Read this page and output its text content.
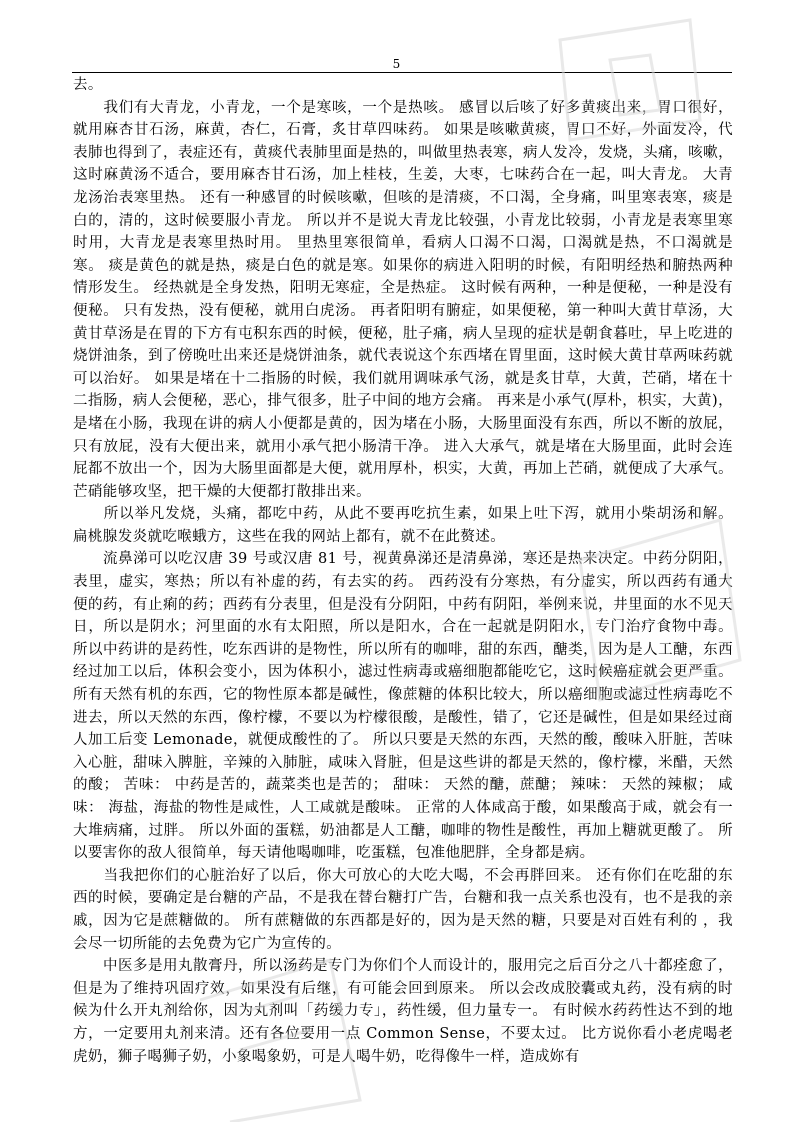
5

去。

　　我们有大青龙，小青龙，一个是寒咳，一个是热咳。 感冒以后咳了好多黄痰出来，胃口很好，就用麻杏甘石汤，麻黄，杏仁，石膏，炙甘草四味药。 如果是咳嗽黄痰，胃口不好，外面发冷，代表肺也得到了，表症还有，黄痰代表肺里面是热的，叫做里热表寒，病人发冷，发烧，头痛，咳嗽，这时麻黄汤不适合，要用麻杏甘石汤，加上桂枝，生姜，大枣，七味药合在一起，叫大青龙。 大青龙汤治表寒里热。 还有一种感冒的时候咳嗽，但咳的是清痰，不口渴，全身痛，叫里寒表寒，痰是白的，清的，这时候要服小青龙。 所以并不是说大青龙比较强，小青龙比较弱，小青龙是表寒里寒时用，大青龙是表寒里热时用。 里热里寒很简单，看病人口渴不口渴，口渴就是热，不口渴就是寒。 痰是黄色的就是热，痰是白色的就是寒。如果你的病进入阳明的时候，有阳明经热和腑热两种情形发生。 经热就是全身发热，阳明无寒症，全是热症。 这时候有两种，一种是便秘，一种是没有便秘。 只有发热，没有便秘，就用白虎汤。 再者阳明有腑症，如果便秘，第一种叫大黄甘草汤，大黄甘草汤是在胃的下方有屯积东西的时候，便秘，肚子痛，病人呈现的症状是朝食暮吐，早上吃进的烧饼油条，到了傍晚吐出来还是烧饼油条，就代表说这个东西堵在胃里面，这时候大黄甘草两味药就可以治好。 如果是堵在十二指肠的时候，我们就用调味承气汤，就是炙甘草，大黄，芒硝，堵在十二指肠，病人会便秘，恶心，排气很多，肚子中间的地方会痛。 再来是小承气(厚朴，枳实，大黄)，是堵在小肠，我现在讲的病人小便都是黄的，因为堵在小肠，大肠里面没有东西，所以不断的放屁，只有放屁，没有大便出来，就用小承气把小肠清干净。 进入大承气，就是堵在大肠里面，此时会连屁都不放出一个，因为大肠里面都是大便，就用厚朴，枳实，大黄，再加上芒硝，就便成了大承气。 芒硝能够攻坚，把干燥的大便都打散排出来。

　　所以举凡发烧，头痛，都吃中药，从此不要再吃抗生素，如果上吐下泻，就用小柴胡汤和解。 扁桃腺发炎就吃喉蛾方，这些在我的网站上都有，就不在此赘述。

　　流鼻涕可以吃汉唐 39 号或汉唐 81 号，视黄鼻涕还是清鼻涕，寒还是热来决定。中药分阴阳，表里，虚实，寒热；所以有补虚的药，有去实的药。 西药没有分寒热，有分虚实，所以西药有通大便的药，有止痢的药；西药有分表里，但是没有分阴阳，中药有阴阳，举例来说，井里面的水不见天日，所以是阴水；河里面的水有太阳照，所以是阳水，合在一起就是阴阳水，专门治疗食物中毒。 所以中药讲的是药性，吃东西讲的是物性，所以所有的咖啡，甜的东西，醣类，因为是人工醣，东西经过加工以后，体积会变小，因为体积小，滤过性病毒或癌细胞都能吃它，这时候癌症就会更严重。 所有天然有机的东西，它的物性原本都是碱性，像蔗糖的体积比较大，所以癌细胞或滤过性病毒吃不进去，所以天然的东西，像柠檬，不要以为柠檬很酸，是酸性，错了，它还是碱性，但是如果经过商人加工后变 Lemonade，就便成酸性的了。 所以只要是天然的东西，天然的酸，酸味入肝脏，苦味入心脏，甜味入脾脏，辛辣的入肺脏，咸味入肾脏，但是这些讲的都是天然的，像柠檬，米醋，天然的酸； 苦味： 中药是苦的，蔬菜类也是苦的； 甜味： 天然的醣，蔗醣； 辣味： 天然的辣椒； 咸味： 海盐，海盐的物性是咸性，人工咸就是酸味。 正常的人体咸高于酸，如果酸高于咸，就会有一大堆病痛，过胖。 所以外面的蛋糕，奶油都是人工醣，咖啡的物性是酸性，再加上糖就更酸了。 所以要害你的敌人很简单，每天请他喝咖啡，吃蛋糕，包准他肥胖，全身都是病。

　　当我把你们的心脏治好了以后，你大可放心的大吃大喝，不会再胖回来。 还有你们在吃甜的东西的时候，要确定是台糖的产品，不是我在替台糖打广告，台糖和我一点关系也没有，也不是我的亲戚，因为它是蔗糖做的。 所有蔗糖做的东西都是好的，因为是天然的糖，只要是对百姓有利的 ，我会尽一切所能的去免费为它广为宣传的。

　　中医多是用丸散膏丹，所以汤药是专门为你们个人而设计的，服用完之后百分之八十都痊愈了，但是为了维持巩固疗效，如果没有后继，有可能会回到原来。 所以会改成胶囊或丸药，没有病的时候为什么开丸剂给你，因为丸剂叫「药缓力专」，药性缓，但力量专一。 有时候水药药性达不到的地方，一定要用丸剂来清。还有各位要用一点 Common Sense，不要太过。 比方说你看小老虎喝老虎奶，狮子喝狮子奶，小象喝象奶，可是人喝牛奶，吃得像牛一样，造成妳有
